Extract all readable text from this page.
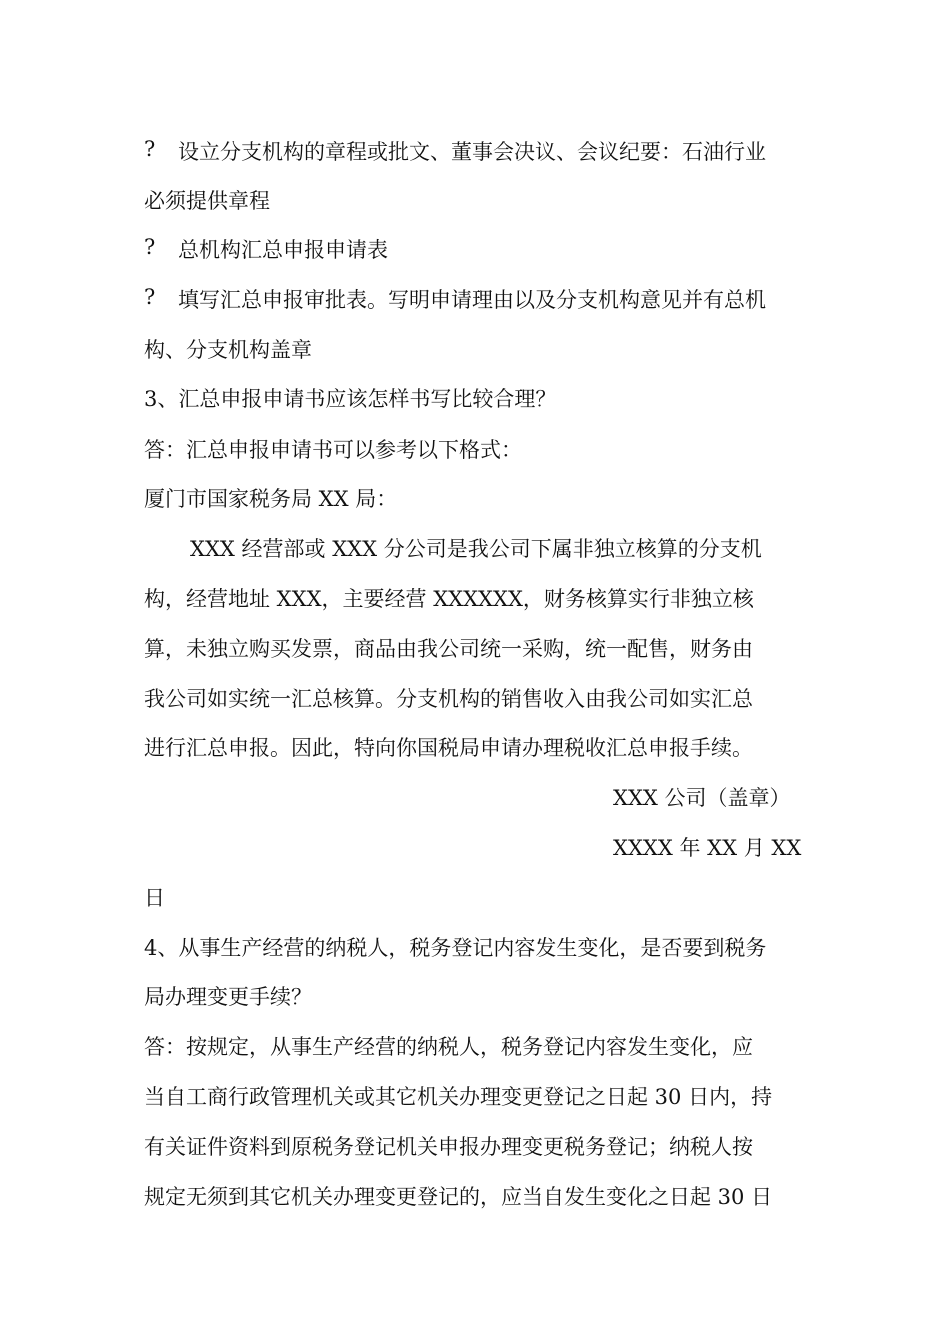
?	设立分支机构的章程或批文、董事会决议、会议纪要：石油行业
必须提供章程
?	总机构汇总申报申请表
?	填写汇总申报审批表。写明申请理由以及分支机构意见并有总机
构、分支机构盖章
3、汇总申报申请书应该怎样书写比较合理？
答：汇总申报申请书可以参考以下格式：
厦门市国家税务局 XX 局：
XXX 经营部或 XXX 分公司是我公司下属非独立核算的分支机
构，经营地址 XXX，主要经营 XXXXXX，财务核算实行非独立核
算，未独立购买发票，商品由我公司统一采购，统一配售，财务由
我公司如实统一汇总核算。分支机构的销售收入由我公司如实汇总
进行汇总申报。因此，特向你国税局申请办理税收汇总申报手续。
XXX 公司（盖章）
XXXX 年 XX 月 XX
日
4、从事生产经营的纳税人，税务登记内容发生变化，是否要到税务
局办理变更手续？
答：按规定，从事生产经营的纳税人，税务登记内容发生变化，应
当自工商行政管理机关或其它机关办理变更登记之日起 30 日内，持
有关证件资料到原税务登记机关申报办理变更税务登记；纳税人按
规定无须到其它机关办理变更登记的，应当自发生变化之日起 30 日
